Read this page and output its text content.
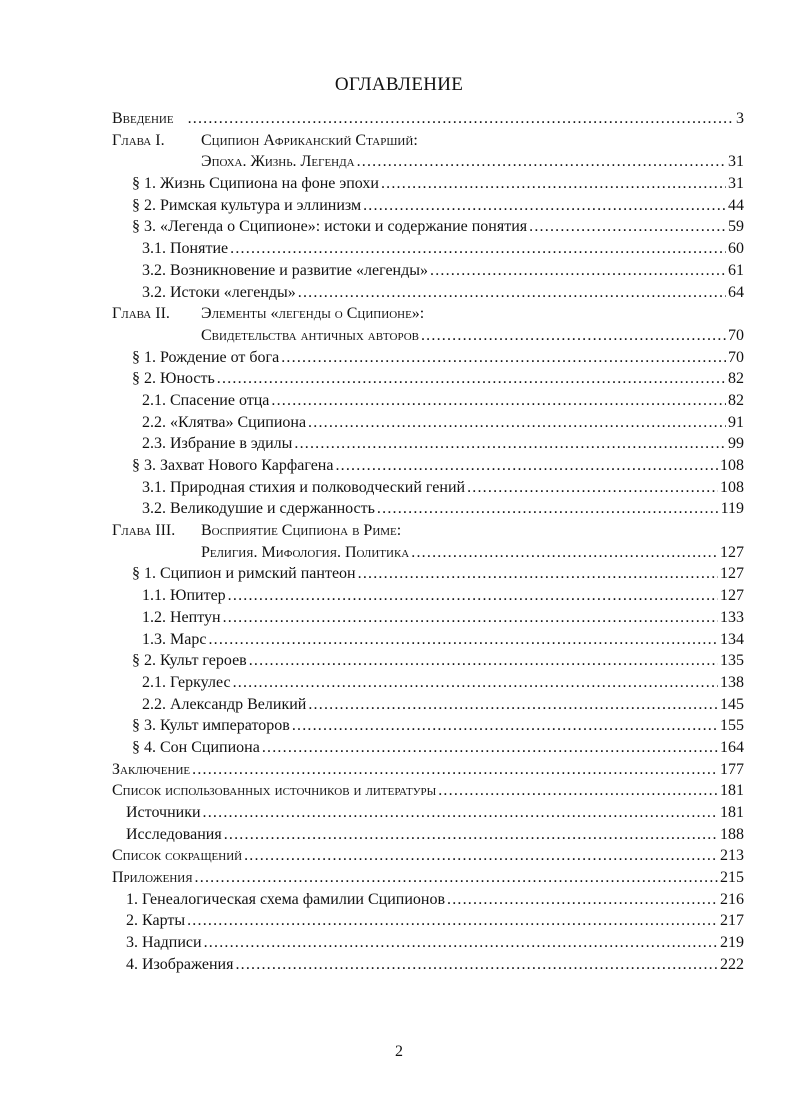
ОГЛАВЛЕНИЕ
Введение .....	3
Глава I. Сципион Африканский Старший:
Эпоха. Жизнь. Легенда .....	31
§ 1. Жизнь Сципиона на фоне эпохи .....	31
§ 2. Римская культура и эллинизм .....	44
§ 3. «Легенда о Сципионе»: истоки и содержание понятия .....	59
3.1. Понятие .....	60
3.2. Возникновение и развитие «легенды» .....	61
3.2. Истоки «легенды» .....	64
Глава II. Элементы «легенды о Сципионе»:
Свидетельства античных авторов .....	70
§ 1. Рождение от бога .....	70
§ 2. Юность .....	82
2.1. Спасение отца .....	82
2.2. «Клятва» Сципиона .....	91
2.3. Избрание в эдилы .....	99
§ 3. Захват Нового Карфагена .....	108
3.1. Природная стихия и полководческий гений .....	108
3.2. Великодушие и сдержанность .....	119
Глава III. Восприятие Сципиона в Риме:
Религия. Мифология. Политика .....	127
§ 1. Сципион и римский пантеон .....	127
1.1. Юпитер .....	127
1.2. Нептун .....	133
1.3. Марс .....	134
§ 2. Культ героев .....	135
2.1. Геркулес .....	138
2.2. Александр Великий .....	145
§ 3. Культ императоров .....	155
§ 4. Сон Сципиона .....	164
Заключение .....	177
Список использованных источников и литературы .....	181
Источники .....	181
Исследования .....	188
Список сокращений .....	213
Приложения .....	215
1. Генеалогическая схема фамилии Сципионов .....	216
2. Карты .....	217
3. Надписи .....	219
4. Изображения .....	222
2
